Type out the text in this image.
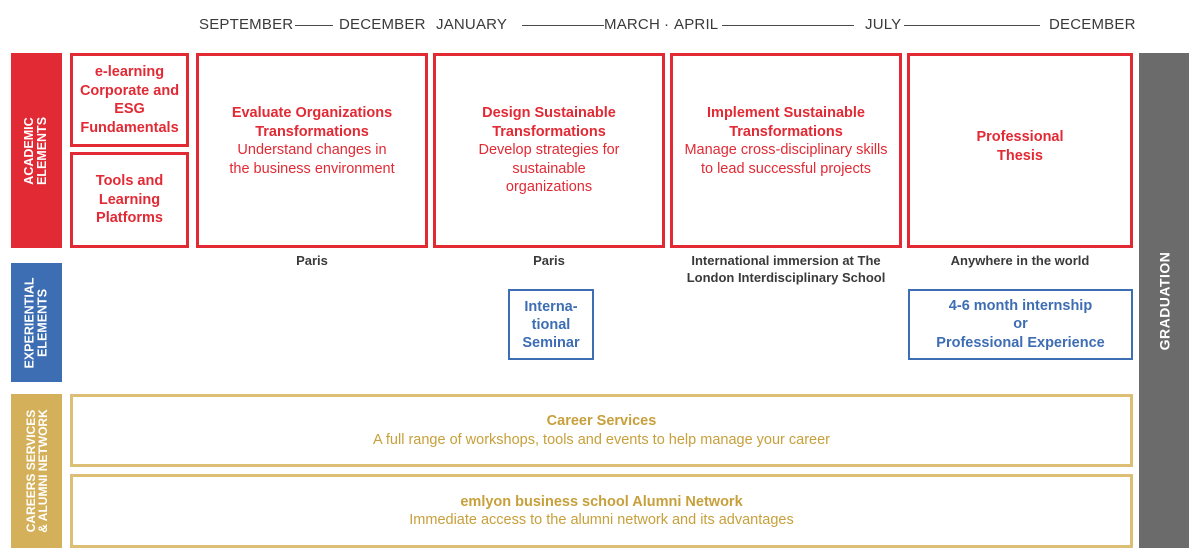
SEPTEMBER	DECEMBER JANUARY	MARCH · APRIL	JULY	DECEMBER
ACADEMIC ELEMENTS
EXPERIENTIAL ELEMENTS
CAREERS SERVICES
& ALUMNI NETWORK
GRADUATION
e-learning Corporate and ESG Fundamentals
Tools and Learning Platforms
Evaluate Organizations Transformations
Understand changes in the business environment
Design Sustainable Transformations
Develop strategies for sustainable organizations
Implement Sustainable Transformations
Manage cross-disciplinary skills to lead successful projects
Professional Thesis
Paris	Paris	International immersion at The London Interdisciplinary School
Anywhere in the world
Interna-
tional
Seminar
4-6 month internship
or
Professional Experience
Career Services
A full range of workshops, tools and events to help manage your career
emlyon business school Alumni Network
Immediate access to the alumni network and its advantages
